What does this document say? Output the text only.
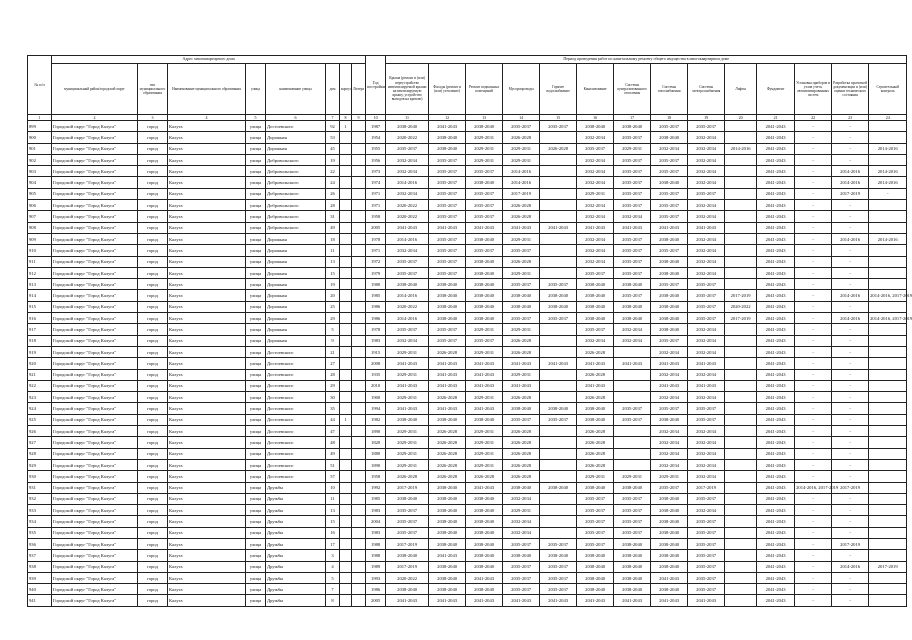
№ п/п	Адрес многоквартирного дома								Год постройки	Период проведения работ по капитальному ремонту общего имущества в многоквартирном доме													
	муниципальный район/городской округ	тип муниципального образования	Наименование муниципального образования	улица	наименование улицы	дом	корпус	Литера		Крыша (ремонт и (или) переустройство невентилируемой крыши на вентилируемую крышу, устройство выходов на кровлю)	Фасады (ремонт и (или) утепление)	Ремонт подвальных помещений	Мусоропроводы	Горячее водоснабжение	Канализование	Системы централизованного отопления	Системы газоснабжения	Системы электроснабжения	Лифты	Фундамент	Установка приборов и узлов учета, автоматизированных систем	Разработка проектной документации и (или) оценки технического состояния	Строительный контроль
1	2	3	4	5	6	7	8	9	10	11	12	13	14	15	16	17	18	19	20	21	22	23	24
899	Городской округ "Город Калуга"	город	Калуга	улица	Достоевского	92	1		1987	2038-2040	2041-2043	2038-2040	2035-2037	2035-2037	2038-2040	2038-2040	2035-2037	2035-2037		2041-2043	-	-	
900	Городской округ "Город Калуга"	город	Калуга	улица	Дорожная	53			1954	2020-2022	2038-2040	2029-2031	2026-2028		2032-2034	2035-2037	2038-2040	2032-2034		2041-2043	-	-	
901	Городской округ "Город Калуга"	город	Калуга	улица	Дорожная	45			1955	2035-2037	2038-2040	2029-2031	2029-2031	2026-2028	2035-2037	2029-2031	2032-2034	2032-2034	2014-2016	2041-2043	-	-	2014-2016
902	Городской округ "Город Калуга"	город	Калуга	улица	Добровольского	19			1956	2032-2034	2035-2037	2029-2031	2029-2031		2032-2034	2035-2037	2035-2037	2032-2034		2041-2043	-	-	
903	Городской округ "Город Калуга"	город	Калуга	улица	Добровольского	22			1973	2032-2034	2035-2037	2035-2037	2014-2016		2032-2034	2035-2037	2035-2037	2032-2034		2041-2043	-	2014-2016	2014-2016
904	Городской округ "Город Калуга"	город	Калуга	улица	Добровольского	24			1974	2014-2016	2035-2037	2038-2040	2014-2016		2032-2034	2035-2037	2038-2040	2032-2034		2041-2043	-	2014-2016	2014-2016
905	Городской округ "Город Калуга"	город	Калуга	улица	Добровольского	26			1971	2032-2034	2035-2037	2035-2037	2017-2019		2029-2031	2035-2037	2035-2037	2035-2037		2041-2043	-	2017-2019	-
906	Городской округ "Город Калуга"	город	Калуга	улица	Добровольского	28			1971	2020-2022	2035-2037	2035-2037	2026-2028		2032-2034	2035-2037	2035-2037	2032-2034		2041-2043	-	-	
907	Городской округ "Город Калуга"	город	Калуга	улица	Добровольского	31			1958	2020-2022	2035-2037	2035-2037	2026-2028		2032-2034	2032-2034	2035-2037	2032-2034		2041-2043	-	-	
908	Городской округ "Город Калуга"	город	Калуга	улица	Добровольского	49			2005	2041-2043	2041-2043	2041-2043	2041-2043	2041-2043	2041-2043	2041-2043	2041-2043	2041-2043		2041-2043	-	-	
909	Городской округ "Город Калуга"	город	Калуга	улица	Дорожная	18			1978	2014-2016	2035-2037	2038-2040	2029-2031		2032-2034	2035-2037	2038-2040	2032-2034		2041-2043	-	2014-2016	2014-2016
910	Городской округ "Город Калуга"	город	Калуга	улица	Дорожная	11			1971	2032-2034	2035-2037	2035-2037	2035-2037		2032-2034	2035-2037	2035-2037	2032-2034		2041-2043	-	-	
911	Городской округ "Город Калуга"	город	Калуга	улица	Дорожная	13			1972	2035-2037	2035-2037	2038-2040	2026-2028		2032-2034	2035-2037	2038-2040	2032-2034		2041-2043	-	-	
912	Городской округ "Город Калуга"	город	Калуга	улица	Дорожная	15			1979	2035-2037	2035-2037	2038-2040	2029-2031		2035-2037	2035-2037	2038-2040	2032-2034		2041-2043	-	-	
913	Городской округ "Город Калуга"	город	Калуга	улица	Дорожная	19			1980	2038-2040	2038-2040	2038-2040	2035-2037	2035-2037	2038-2040	2038-2040	2035-2037	2035-2037		2041-2043	-	-	
914	Городской округ "Город Калуга"	город	Калуга	улица	Дорожная	20			1985	2014-2016	2038-2040	2038-2040	2038-2040	2038-2040	2038-2040	2035-2037	2038-2040	2035-2037	2017-2019	2041-2043	-	2014-2016	2014-2016, 2017-2019
915	Городской округ "Город Калуга"	город	Калуга	улица	Дорожная	25			1986	2020-2022	2038-2040	2038-2040	2038-2040	2038-2040	2038-2040	2038-2040	2038-2040	2035-2037	2020-2022	2041-2043	-	-	
916	Городской округ "Город Калуга"	город	Калуга	улица	Дорожная	29			1986	2014-2016	2038-2040	2038-2040	2035-2037	2035-2037	2038-2040	2038-2040	2038-2040	2035-2037	2017-2019	2041-2043	-	2014-2016	2014-2016, 2017-2019
917	Городской округ "Город Калуга"	город	Калуга	улица	Дорожная	5			1978	2035-2037	2035-2037	2029-2031	2029-2031		2035-2037	2032-2034	2038-2040	2032-2034		2041-2043	-	-	
918	Городской округ "Город Калуга"	город	Калуга	улица	Дорожная	9			1983	2032-2034	2035-2037	2035-2037	2026-2028		2032-2034	2032-2034	2035-2037	2032-2034		2041-2043	-	-	
919	Городской округ "Город Калуга"	город	Калуга	улица	Достоевского	21			1915	2029-2031	2026-2028	2029-2031	2026-2028		2026-2028		2032-2034	2032-2034		2041-2043	-	-	
920	Городской округ "Город Калуга"	город	Калуга	улица	Достоевского	27			2008	2041-2043	2041-2043	2041-2043	2041-2043	2041-2043	2041-2043	2041-2043	2041-2043	2041-2043		2041-2043	-	-	
921	Городской округ "Город Калуга"	город	Калуга	улица	Достоевского	28			1935	2029-2031	2041-2043	2041-2043	2029-2031		2026-2028		2032-2034	2032-2034		2041-2043	-	-	
922	Городской округ "Город Калуга"	город	Калуга	улица	Достоевского	29			2010	2041-2043	2041-2043	2041-2043	2041-2043		2041-2043		2041-2043	2041-2043		2041-2043	-	-	
923	Городской округ "Город Калуга"	город	Калуга	улица	Достоевского	30			1900	2029-2031	2026-2028	2029-2031	2026-2028		2026-2028		2032-2034	2032-2034		2041-2043	-	-	
924	Городской округ "Город Калуга"	город	Калуга	улица	Достоевского	35			1994	2041-2043	2041-2043	2041-2043	2038-2040	2038-2040	2038-2040	2035-2037	2035-2037	2035-2037		2041-2043	-	-	
925	Городской округ "Город Калуга"	город	Калуга	улица	Достоевского	44	1		1982	2038-2040	2038-2040	2038-2040	2035-2037	2035-2037	2038-2040	2035-2037	2038-2040	2035-2037		2041-2043	-	-	
926	Городской округ "Город Калуга"	город	Калуга	улица	Достоевского	47			1890	2029-2031	2026-2028	2029-2031	2026-2028		2026-2028		2032-2034	2032-2034		2041-2043	-	-	
927	Городской округ "Город Калуга"	город	Калуга	улица	Достоевского	48			1820	2029-2031	2026-2028	2029-2031	2026-2028		2026-2028		2032-2034	2032-2034		2041-2043	-	-	
928	Городской округ "Город Калуга"	город	Калуга	улица	Достоевского	49			1880	2029-2031	2026-2028	2029-2031	2026-2028		2026-2028		2032-2034	2032-2034		2041-2043	-	-	
929	Городской округ "Город Калуга"	город	Калуга	улица	Достоевского	51			1890	2029-2031	2026-2028	2029-2031	2026-2028		2026-2028		2032-2034	2032-2034		2041-2043	-	-	
930	Городской округ "Город Калуга"	город	Калуга	улица	Достоевского	57			1958	2026-2028	2026-2028	2026-2028	2026-2028		2029-2031	2029-2031	2029-2031	2032-2034		2041-2043	-	-	
931	Городской округ "Город Калуга"	город	Калуга	улица	Дружбы	10			1992	2017-2019	2038-2040	2041-2043	2038-2040	2038-2040	2038-2040	2038-2040	2035-2037	2017-2019		2041-2043	2014-2016, 2017-2019	2017-2019	
932	Городской округ "Город Калуга"	город	Калуга	улица	Дружбы	11			1985	2038-2040	2038-2040	2038-2040	2032-2034		2035-2037	2035-2037	2038-2040	2035-2037		2041-2043	-	-	
933	Городской округ "Город Калуга"	город	Калуга	улица	Дружбы	13			1983	2035-2037	2038-2040	2038-2040	2029-2031		2035-2037	2035-2037	2038-2040	2032-2034		2041-2043	-	-	
934	Городской округ "Город Калуга"	город	Калуга	улица	Дружбы	15			2004	2035-2037	2038-2040	2038-2040	2032-2034		2035-2037	2035-2037	2038-2040	2035-2037		2041-2043	-	-	
935	Городской округ "Город Калуга"	город	Калуга	улица	Дружбы	16			1983	2035-2037	2038-2040	2038-2040	2032-2034		2035-2037	2035-2037	2038-2040	2035-2037		2041-2043	-	-	
936	Городской округ "Город Калуга"	город	Калуга	улица	Дружбы	17			1988	2017-2019	2038-2040	2038-2040	2035-2037	2035-2037	2035-2037	2038-2040	2038-2040	2035-2037		2041-2043	-	2017-2019	
937	Городской округ "Город Калуга"	город	Калуга	улица	Дружбы	3			1988	2038-2040	2041-2043	2038-2040	2038-2040	2038-2040	2038-2040	2038-2040	2038-2040	2035-2037		2041-2043	-	-	
938	Городской округ "Город Калуга"	город	Калуга	улица	Дружбы	4			1989	2017-2019	2038-2040	2038-2040	2035-2037	2035-2037	2038-2040	2038-2040	2038-2040	2035-2037		2041-2043	-	2014-2016	2017-2019
939	Городской округ "Город Калуга"	город	Калуга	улица	Дружбы	5			1993	2020-2022	2038-2040	2041-2043	2035-2037	2035-2037	2038-2040	2038-2040	2041-2043	2035-2037		2041-2043	-	-	
940	Городской округ "Город Калуга"	город	Калуга	улица	Дружбы	7			1986	2038-2040	2038-2040	2038-2040	2035-2037	2035-2037	2038-2040	2038-2040	2038-2040	2035-2037		2041-2043	-	-	
941	Городской округ "Город Калуга"	город	Калуга	улица	Дружбы	8			2005	2041-2043	2041-2043	2041-2043	2041-2043	2041-2043	2041-2043	2041-2043	2041-2043	2041-2043		2041-2043	-	-	
